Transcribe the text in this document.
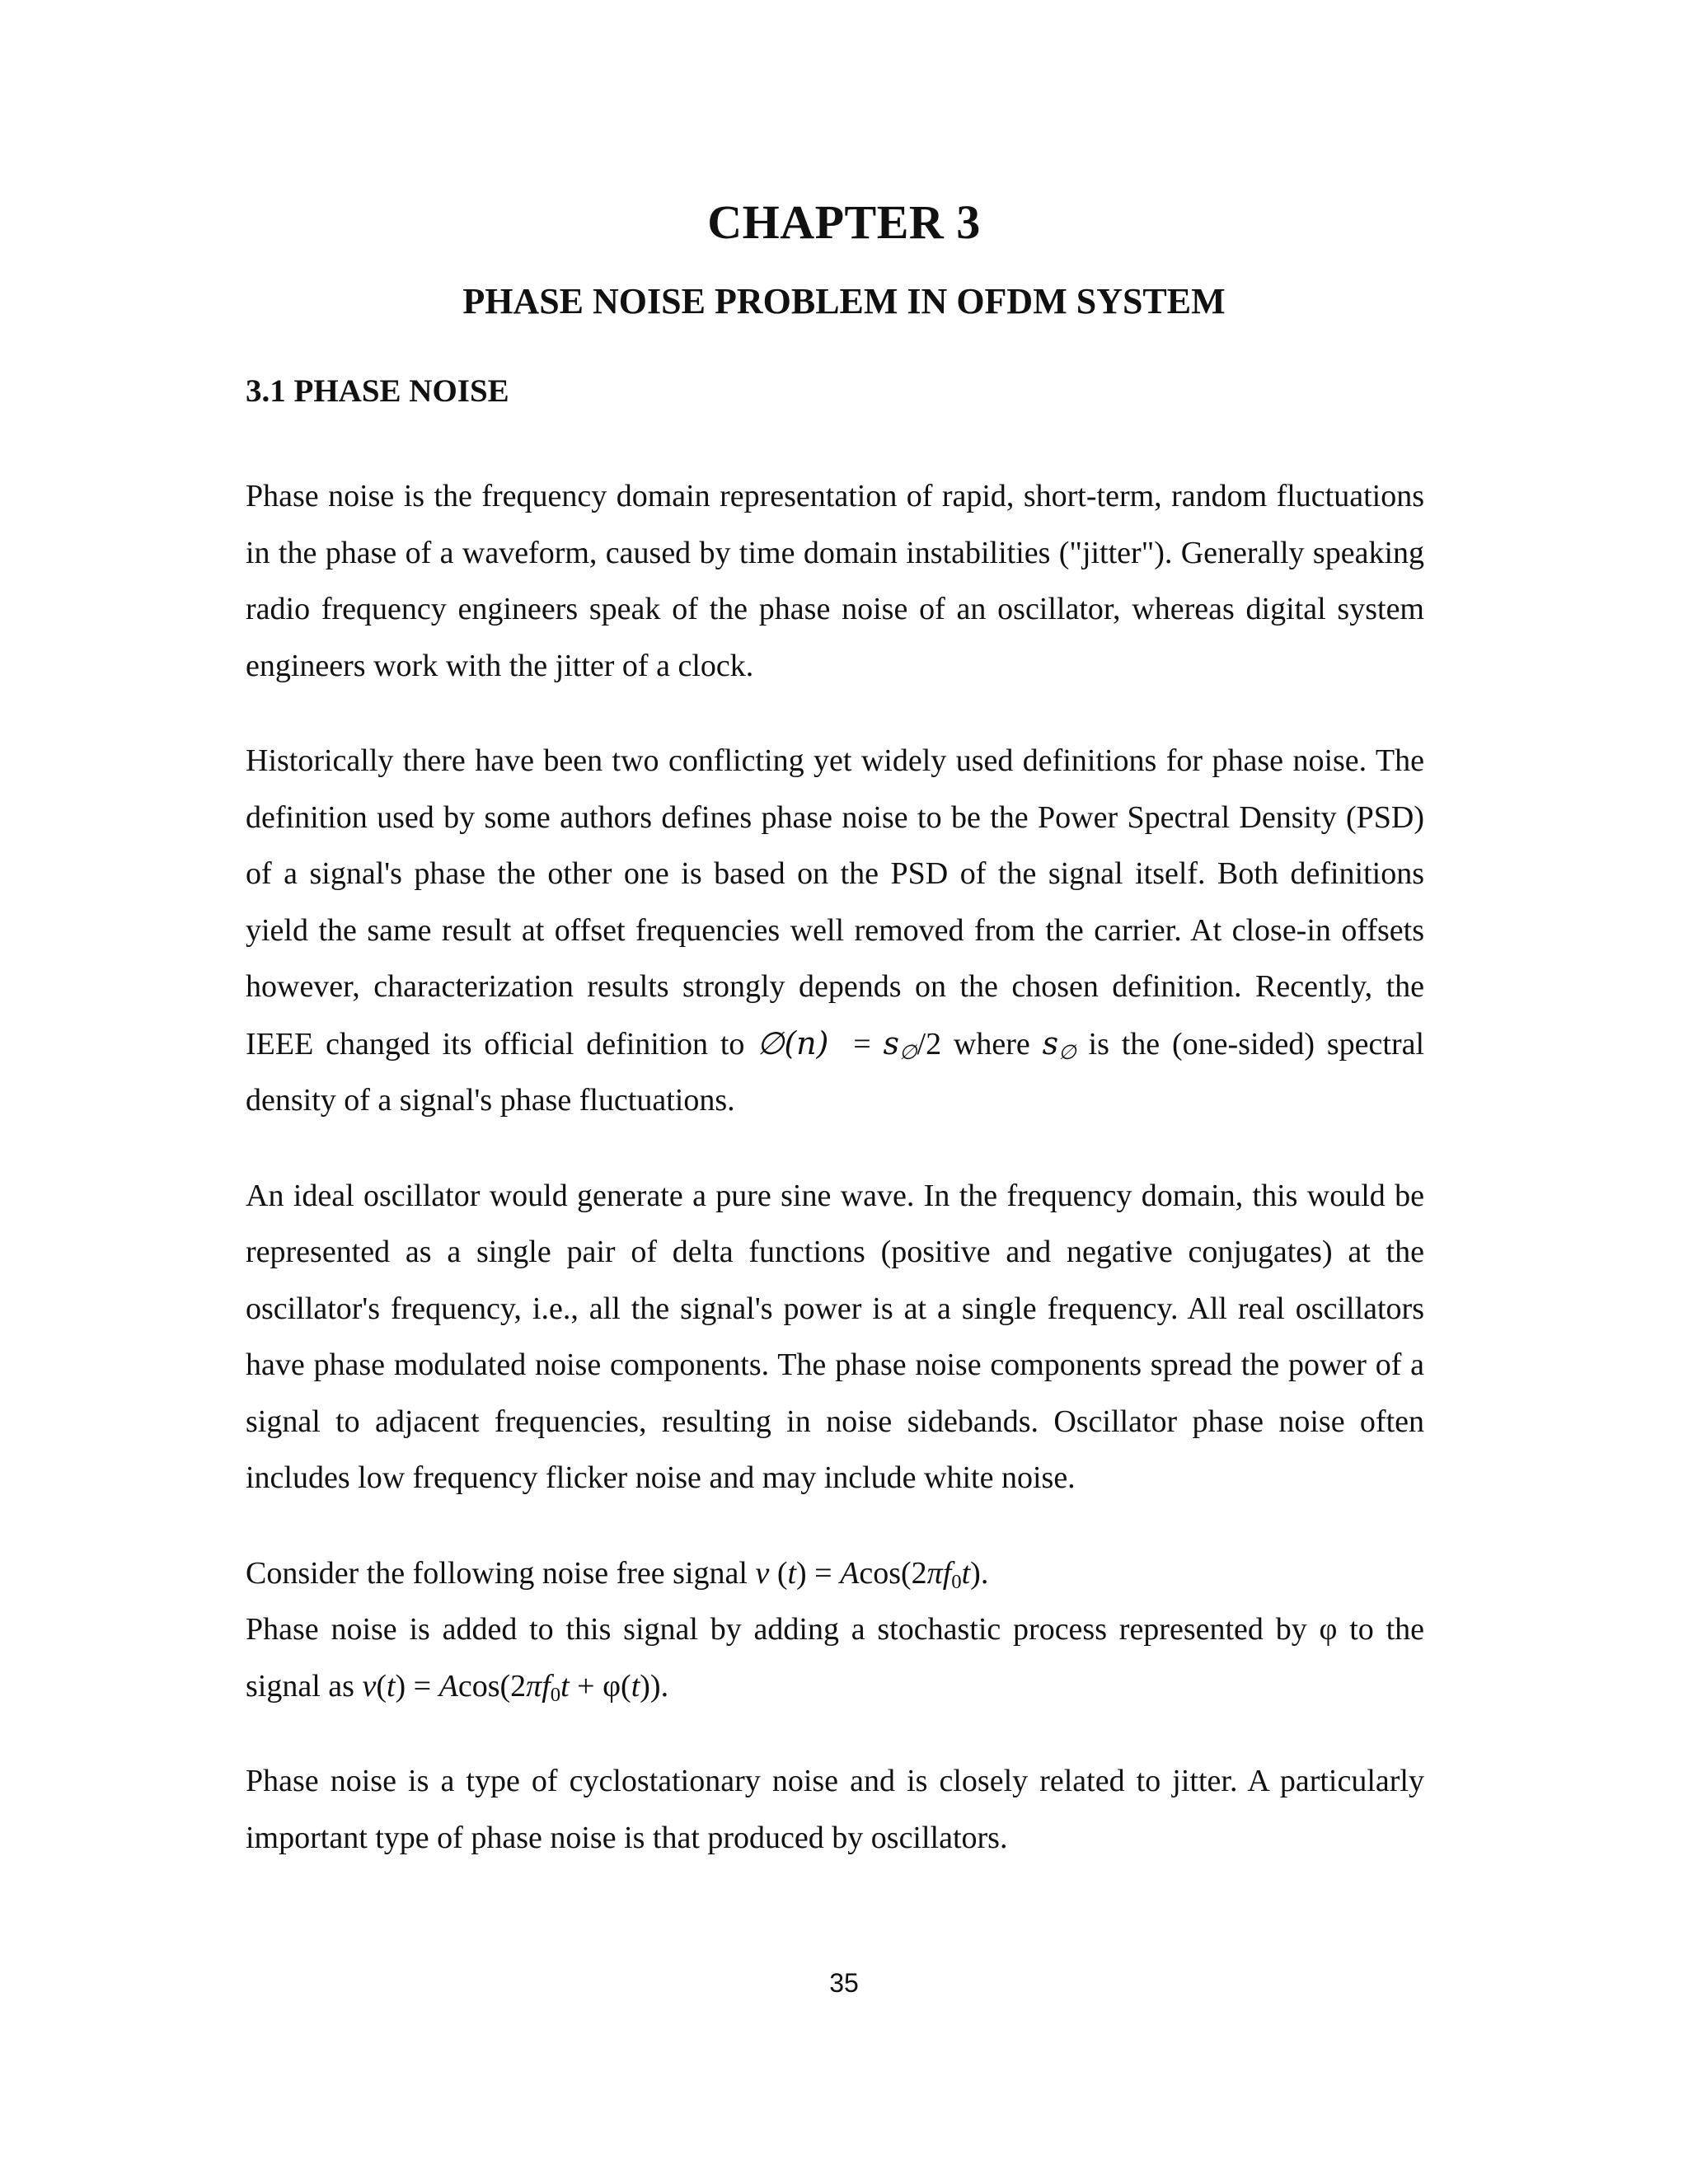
CHAPTER 3
PHASE NOISE PROBLEM IN OFDM SYSTEM
3.1 PHASE NOISE

Phase noise is the frequency domain representation of rapid, short-term, random fluctuations in the phase of a waveform, caused by time domain instabilities ("jitter"). Generally speaking radio frequency engineers speak of the phase noise of an oscillator, whereas digital system engineers work with the jitter of a clock.

Historically there have been two conflicting yet widely used definitions for phase noise. The definition used by some authors defines phase noise to be the Power Spectral Density (PSD) of a signal's phase the other one is based on the PSD of the signal itself. Both definitions yield the same result at offset frequencies well removed from the carrier. At close-in offsets however, characterization results strongly depends on the chosen definition. Recently, the IEEE changed its official definition to ∅(n) = $s_\emptyset/2$ where $s_\emptyset$ is the (one-sided) spectral density of a signal's phase fluctuations.

An ideal oscillator would generate a pure sine wave. In the frequency domain, this would be represented as a single pair of delta functions (positive and negative conjugates) at the oscillator's frequency, i.e., all the signal's power is at a single frequency. All real oscillators have phase modulated noise components. The phase noise components spread the power of a signal to adjacent frequencies, resulting in noise sidebands. Oscillator phase noise often includes low frequency flicker noise and may include white noise.

Consider the following noise free signal v $(t) = Acos(2\pi f_0t)$.

Phase noise is added to this signal by adding a stochastic process represented by φ to the signal as $v(t) = Acos(2\pi f_0t + \varphi(t))$.

Phase noise is a type of cyclostationary noise and is closely related to jitter. A particularly important type of phase noise is that produced by oscillators.

35
